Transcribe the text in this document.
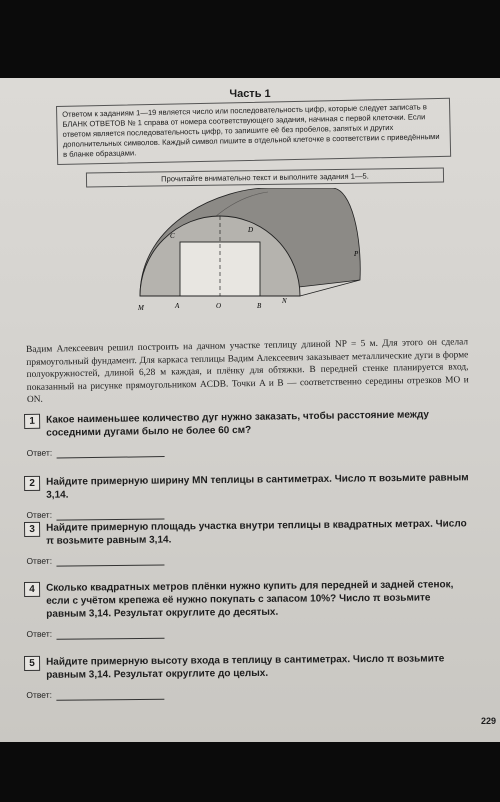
Часть 1
Ответом к заданиям 1—19 является число или последовательность цифр, которые следует записать в БЛАНК ОТВЕТОВ № 1 справа от номера соответствующего задания, начиная с первой клеточки. Если ответом является последовательность цифр, то запишите её без пробелов, запятых и других дополнительных символов. Каждый символ пишите в отдельной клеточке в соответствии с приведёнными в бланке образцами.
Прочитайте внимательно текст и выполните задания 1—5.
C
D
P
M	A	O	B
N
Вадим Алексеевич решил построить на дачном участке теплицу длиной NP = 5 м. Для этого он сделал прямоугольный фундамент. Для каркаса теплицы Вадим Алексеевич заказывает металлические дуги в форме полуокружностей, длиной 6,28 м каждая, и плёнку для обтяжки. В передней стенке планируется вход, показанный на рисунке прямоугольником ACDB. Точки A и B — соответственно середины отрезков MO и ON.
1 Какое наименьшее количество дуг нужно заказать, чтобы расстояние между соседними дугами было не более 60 см?
Ответ:
2 Найдите примерную ширину MN теплицы в сантиметрах. Число π возьмите равным 3,14.
Ответ:
3 Найдите примерную площадь участка внутри теплицы в квадратных метрах. Число π возьмите равным 3,14.
Ответ:
4 Сколько квадратных метров плёнки нужно купить для передней и задней стенок, если с учётом крепежа её нужно покупать с запасом 10%? Число π возьмите равным 3,14. Результат округлите до десятых.
Ответ:
5 Найдите примерную высоту входа в теплицу в сантиметрах. Число π возьмите равным 3,14. Результат округлите до целых.
Ответ:
229
